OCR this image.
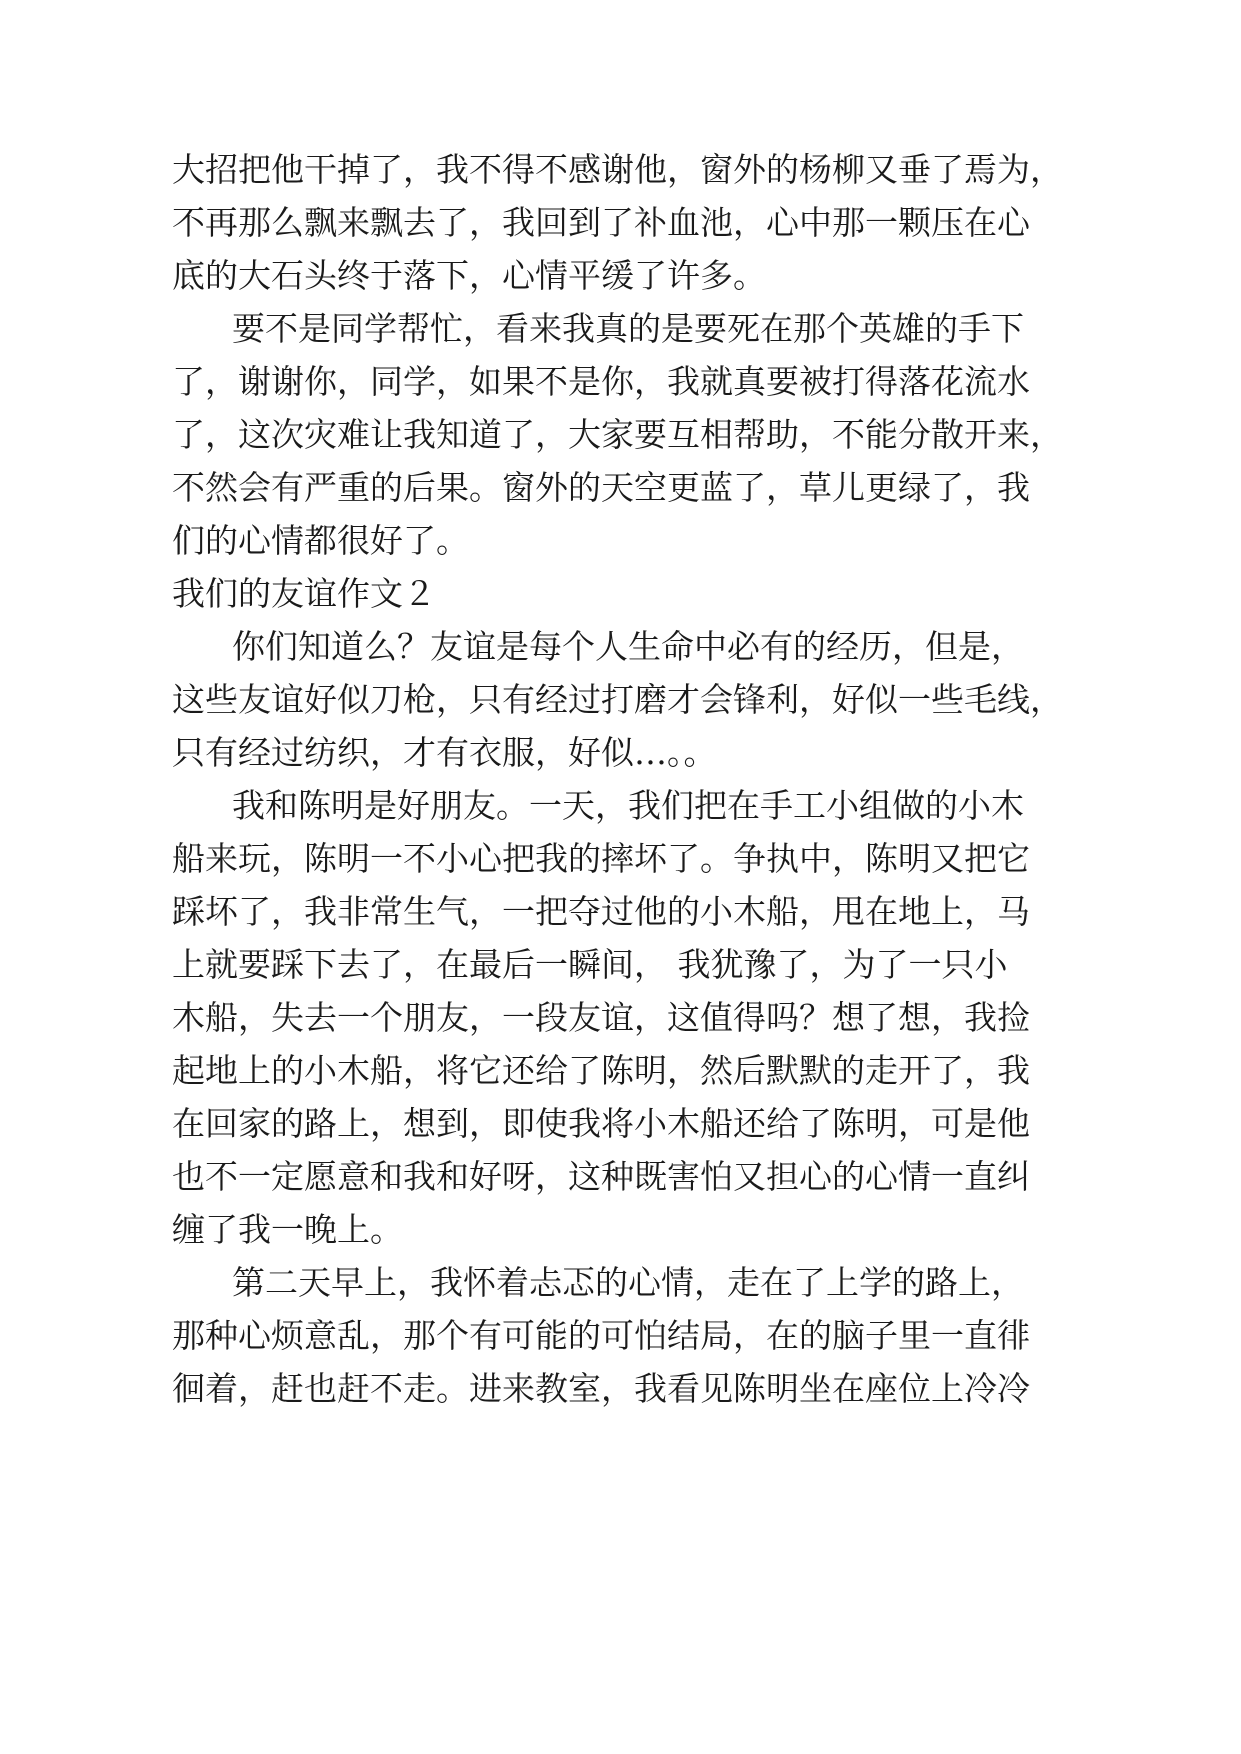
大招把他干掉了，我不得不感谢他，窗外的杨柳又垂了焉为，
不再那么飘来飘去了，我回到了补血池，心中那一颗压在心
底的大石头终于落下，心情平缓了许多。
要不是同学帮忙，看来我真的是要死在那个英雄的手下
了，谢谢你，同学，如果不是你，我就真要被打得落花流水
了，这次灾难让我知道了，大家要互相帮助，不能分散开来，
不然会有严重的后果。窗外的天空更蓝了，草儿更绿了，我
们的心情都很好了。
我们的友谊作文２
你们知道么？友谊是每个人生命中必有的经历，但是，
这些友谊好似刀枪，只有经过打磨才会锋利，好似一些毛线，
只有经过纺织，才有衣服，好似…。。
我和陈明是好朋友。一天，我们把在手工小组做的小木
船来玩，陈明一不小心把我的摔坏了。争执中，陈明又把它
踩坏了，我非常生气，一把夺过他的小木船，甩在地上，马
上就要踩下去了，在最后一瞬间， 我犹豫了，为了一只小
木船，失去一个朋友，一段友谊，这值得吗？想了想，我捡
起地上的小木船，将它还给了陈明，然后默默的走开了，我
在回家的路上，想到，即使我将小木船还给了陈明，可是他
也不一定愿意和我和好呀，这种既害怕又担心的心情一直纠
缠了我一晚上。
第二天早上，我怀着忐忑的心情，走在了上学的路上，
那种心烦意乱，那个有可能的可怕结局，在的脑子里一直徘
徊着，赶也赶不走。进来教室，我看见陈明坐在座位上冷冷
